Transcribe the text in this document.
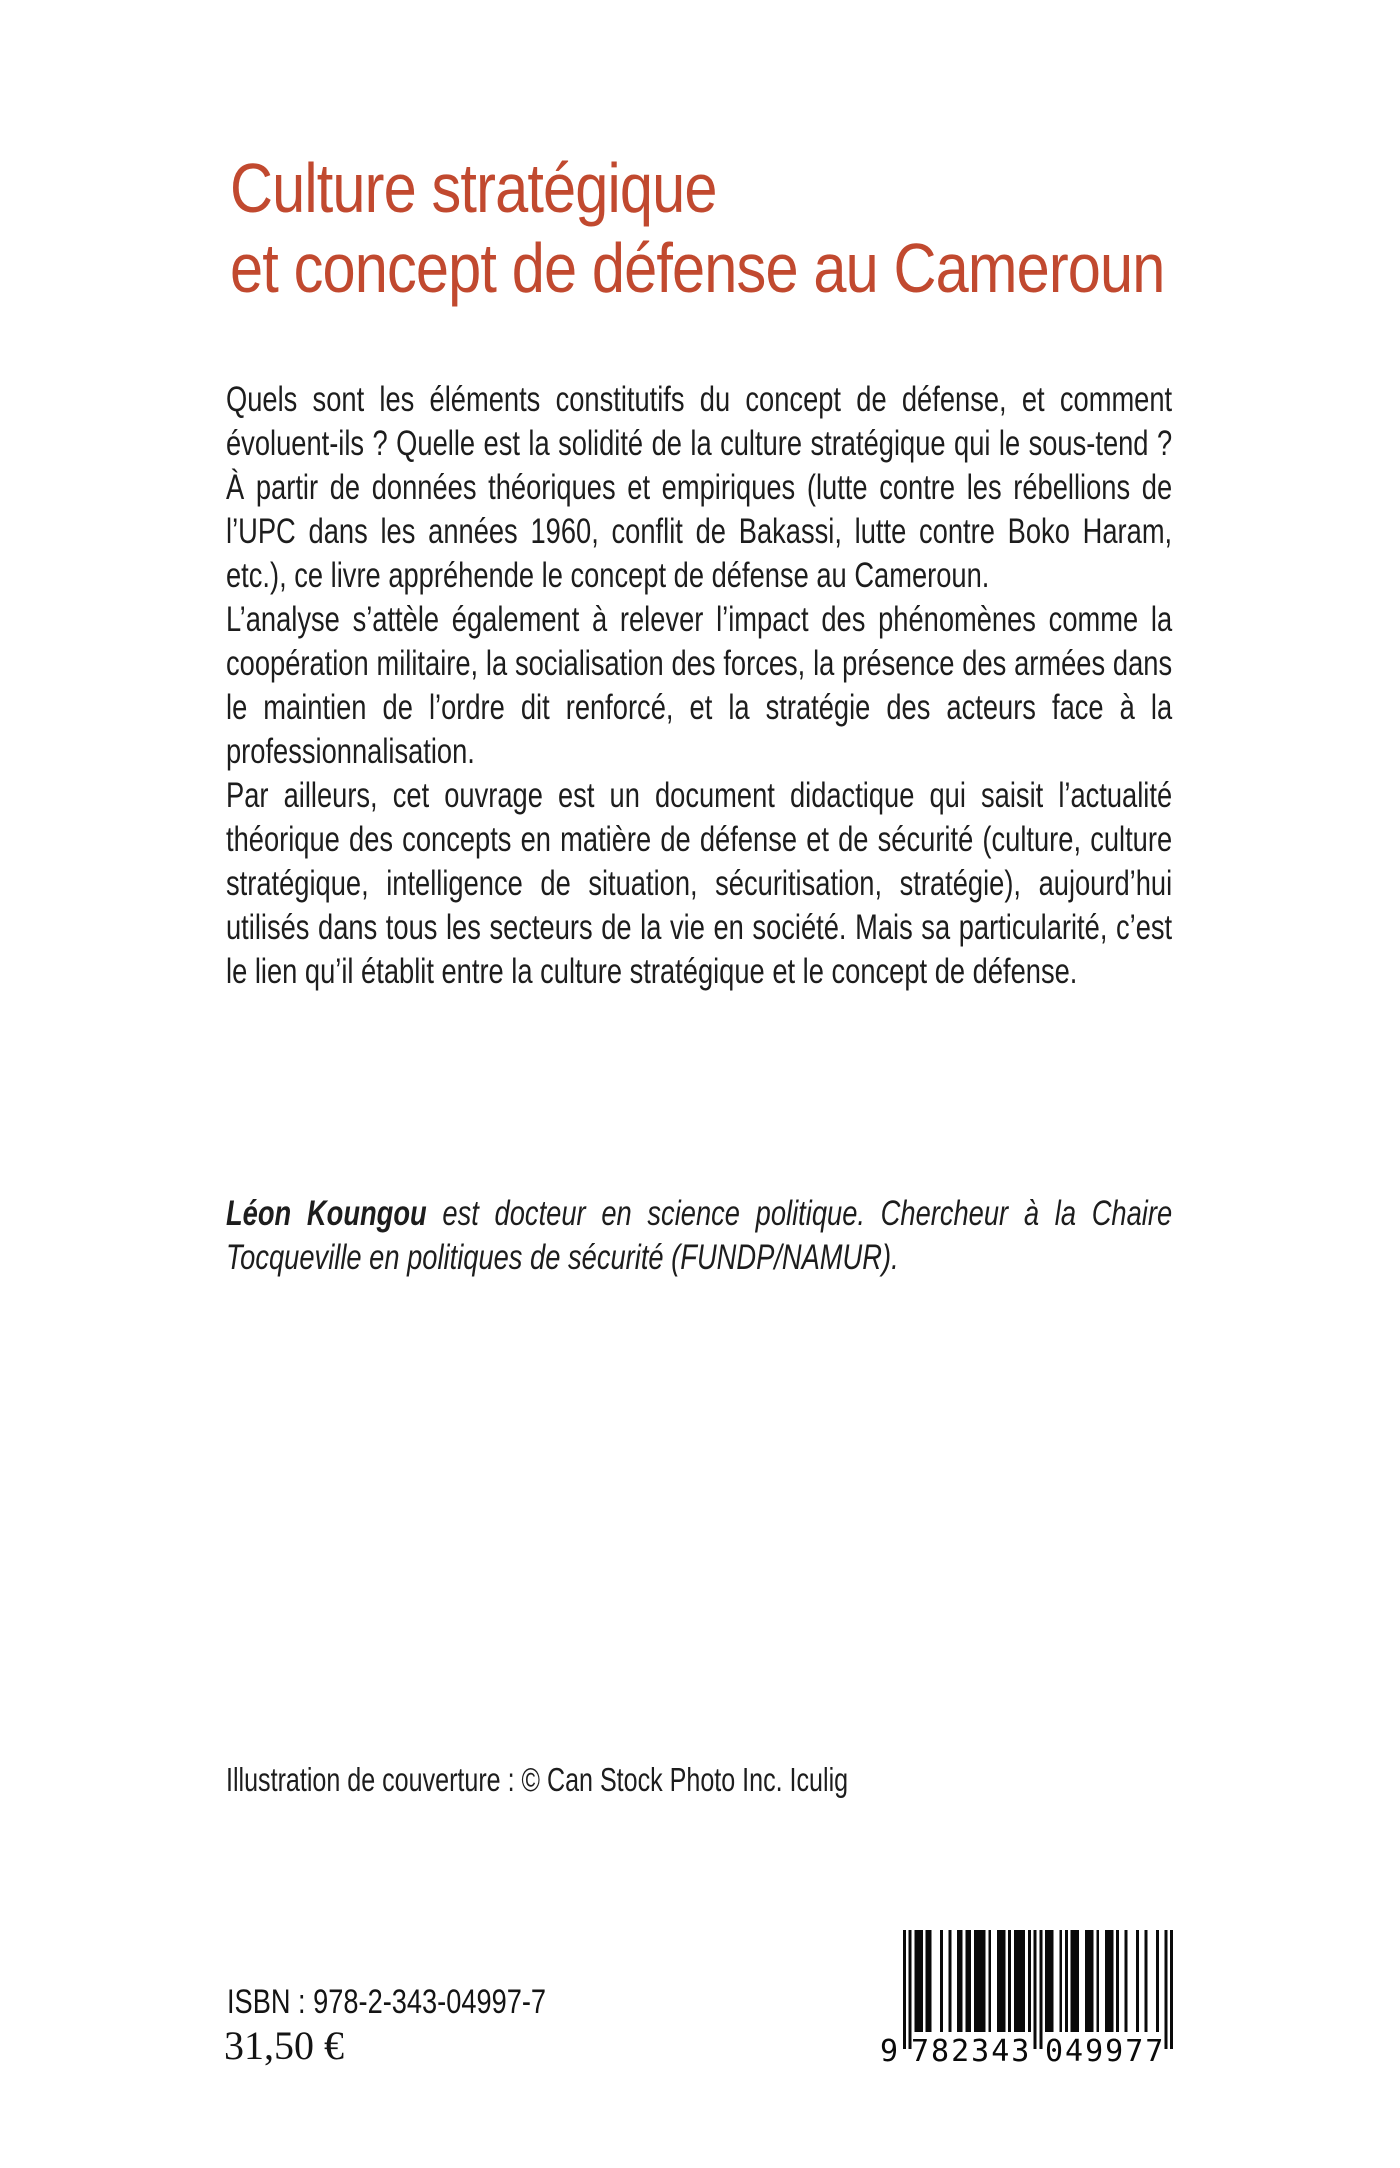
Culture stratégique
et concept de défense au Cameroun

Quels sont les éléments constitutifs du concept de défense, et comment évoluent-ils ? Quelle est la solidité de la culture stratégique qui le sous-tend ? À partir de données théoriques et empiriques (lutte contre les rébellions de l’UPC dans les années 1960, conflit de Bakassi, lutte contre Boko Haram, etc.), ce livre appréhende le concept de défense au Cameroun.

L’analyse s’attèle également à relever l’impact des phénomènes comme la coopération militaire, la socialisation des forces, la présence des armées dans le maintien de l’ordre dit renforcé, et la stratégie des acteurs face à la professionnalisation.

Par ailleurs, cet ouvrage est un document didactique qui saisit l’actualité théorique des concepts en matière de défense et de sécurité (culture, culture stratégique, intelligence de situation, sécuritisation, stratégie), aujourd’hui utilisés dans tous les secteurs de la vie en société. Mais sa particularité, c’est le lien qu’il établit entre la culture stratégique et le concept de défense.

Léon Koungou est docteur en science politique. Chercheur à la Chaire Tocqueville en politiques de sécurité (FUNDP/NAMUR).
Illustration de couverture : © Can Stock Photo Inc. Iculig
ISBN : 978-2-343-04997-7
31,50 €	9 782343 049977
